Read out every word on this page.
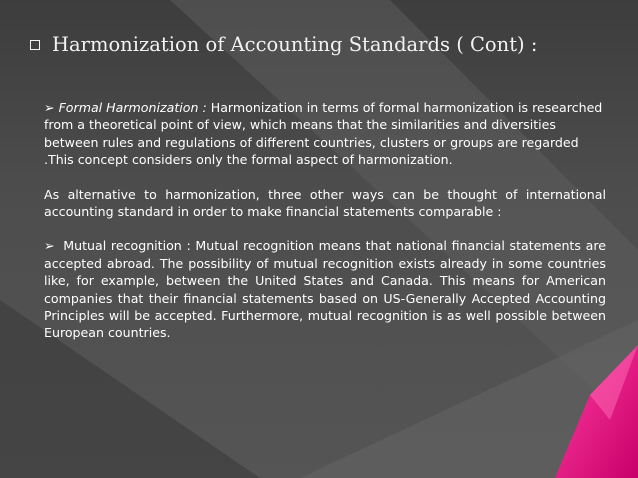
Harmonization of Accounting Standards ( Cont) :

➢ Formal Harmonization : Harmonization in terms of formal harmonization is researched from a theoretical point of view, which means that the similarities and diversities between rules and regulations of different countries, clusters or groups are regarded .This concept considers only the formal aspect of harmonization.

As alternative to harmonization, three other ways can be thought of international accounting standard in order to make financial statements comparable :

➢ Mutual recognition : Mutual recognition means that national financial statements are accepted abroad. The possibility of mutual recognition exists already in some countries like, for example, between the United States and Canada. This means for American companies that their financial statements based on US-Generally Accepted Accounting Principles will be accepted. Furthermore, mutual recognition is as well possible between European countries.
